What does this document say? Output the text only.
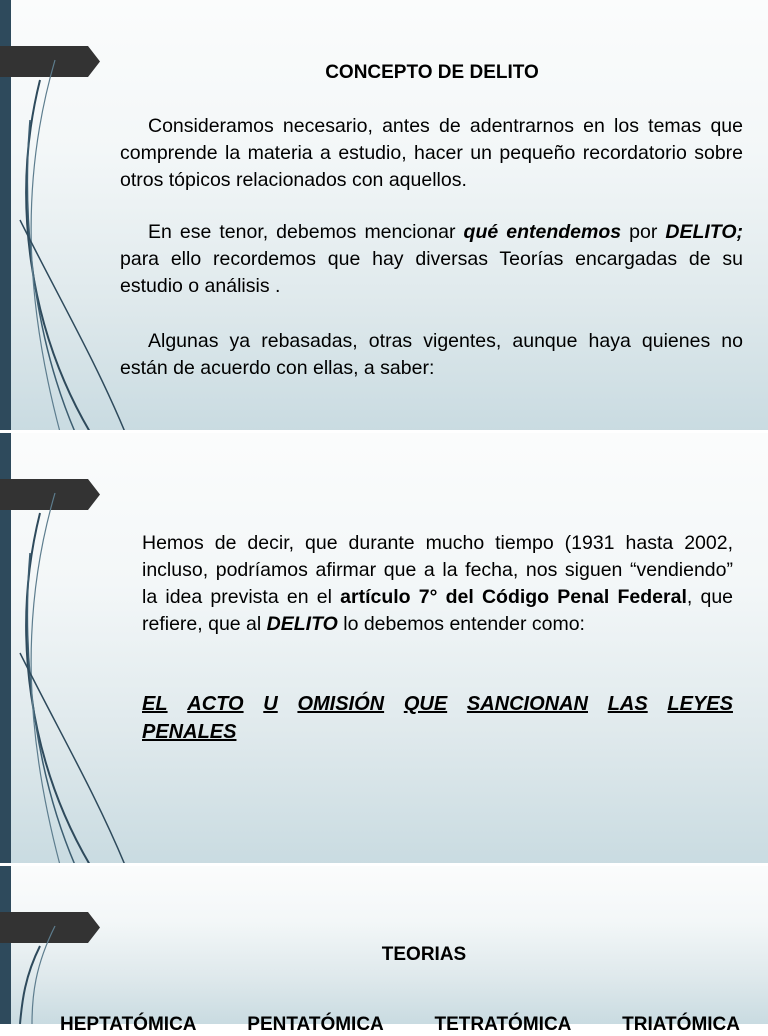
CONCEPTO DE DELITO
Consideramos necesario, antes de adentrarnos en los temas que comprende la materia a estudio, hacer un pequeño recordatorio sobre otros tópicos relacionados con aquellos.
En ese tenor, debemos mencionar qué entendemos por DELITO; para ello recordemos que hay diversas Teorías encargadas de su estudio o análisis .
Algunas ya rebasadas, otras vigentes, aunque haya quienes no están de acuerdo con ellas, a saber:
Hemos de decir, que durante mucho tiempo (1931 hasta 2002, incluso, podríamos afirmar que a la fecha, nos siguen “vendiendo” la idea prevista en el artículo 7° del Código Penal Federal, que refiere, que al DELITO lo debemos entender como:
EL ACTO U OMISIÓN QUE SANCIONAN LAS LEYES
PENALES
TEORIAS
HEPTATÓMICA	PENTATÓMICA	TETRATÓMICA	TRIATÓMICA
